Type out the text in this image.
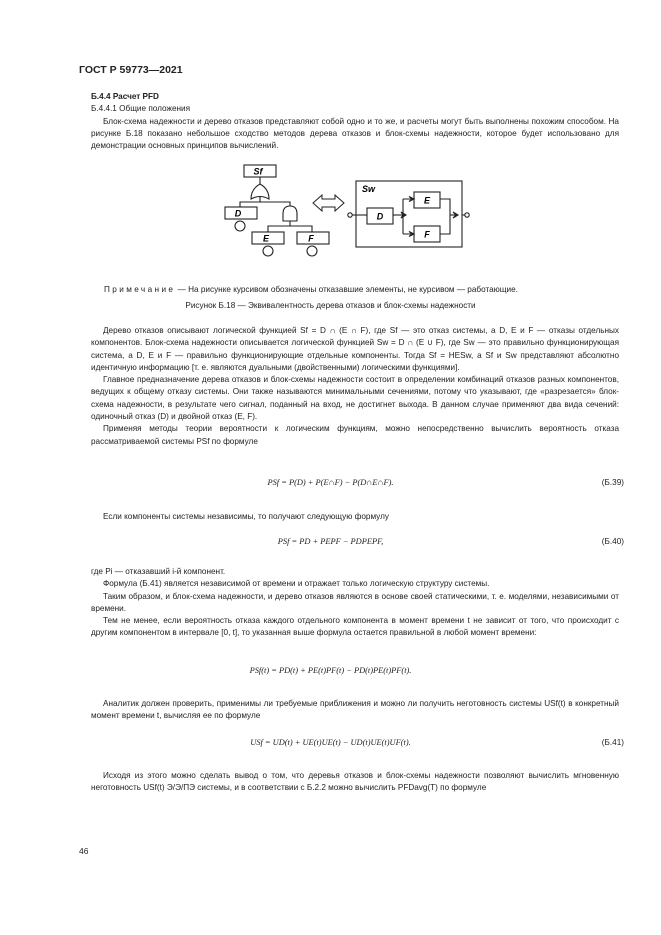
ГОСТ Р 59773—2021

Б.4.4 Расчет PFD

Б.4.4.1 Общие положения

Блок-схема надежности и дерево отказов представляют собой одно и то же, и расчеты могут быть выполнены похожим способом. На рисунке Б.18 показано небольшое сходство методов дерева отказов и блок-схемы надежности, которое будет использовано для демонстрации основных принципов вычислений.

Sf
D
E	F
Sw
D
E
F
Примечание — На рисунке курсивом обозначены отказавшие элементы, не курсивом — работающие.
Рисунок Б.18 — Эквивалентность дерева отказов и блок-схемы надежности

Дерево отказов описывают логической функцией Sf = D ∩ (E ∩ F), где Sf — это отказ системы, а D, E и F — отказы отдельных компонентов. Блок-схема надежности описывается логической функцией Sw = D ∩ (E ∪ F), где Sw — это правильно функционирующая система, а D, E и F — правильно функционирующие отдельные компоненты. Тогда Sf = HESw, а Sf и Sw представляют абсолютно идентичную информацию [т. е. являются дуальными (двойственными) логическими функциями].

Главное предназначение дерева отказов и блок-схемы надежности состоит в определении комбинаций отказов разных компонентов, ведущих к общему отказу системы. Они также называются минимальными сечениями, потому что указывают, где «разрезается» блок-схема надежности, в результате чего сигнал, поданный на вход, не достигнет выхода. В данном случае применяют два вида сечений: одиночный отказ (D) и двойной отказ (E, F).

Применяя методы теории вероятности к логическим функциям, можно непосредственно вычислить вероятность отказа рассматриваемой системы PSf по формуле

PSf = P(D) + P(E∩F) − P(D∩E∩F).	(Б.39)

Если компоненты системы независимы, то получают следующую формулу

PSf = PD + PEPF − PDPEPF,	(Б.40)

где Pi — отказавший i-й компонент.

Формула (Б.41) является независимой от времени и отражает только логическую структуру системы.

Таким образом, и блок-схема надежности, и дерево отказов являются в основе своей статическими, т. е. моделями, независимыми от времени.

Тем не менее, если вероятность отказа каждого отдельного компонента в момент времени t не зависит от того, что происходит с другим компонентом в интервале [0, t], то указанная выше формула остается правильной в любой момент времени:

PSf(t) = PD(t) + PE(t)PF(t) − PD(t)PE(t)PF(t).

Аналитик должен проверить, применимы ли требуемые приближения и можно ли получить неготовность системы USf(t) в конкретный момент времени t, вычисляя ее по формуле

USf = UD(t) + UE(t)UE(t) − UD(t)UE(t)UF(t).	(Б.41)

Исходя из этого можно сделать вывод о том, что деревья отказов и блок-схемы надежности позволяют вычислить мгновенную неготовность USf(t) Э/Э/ПЭ системы, и в соответствии с Б.2.2 можно вычислить PFDavg(T) по формуле

46
